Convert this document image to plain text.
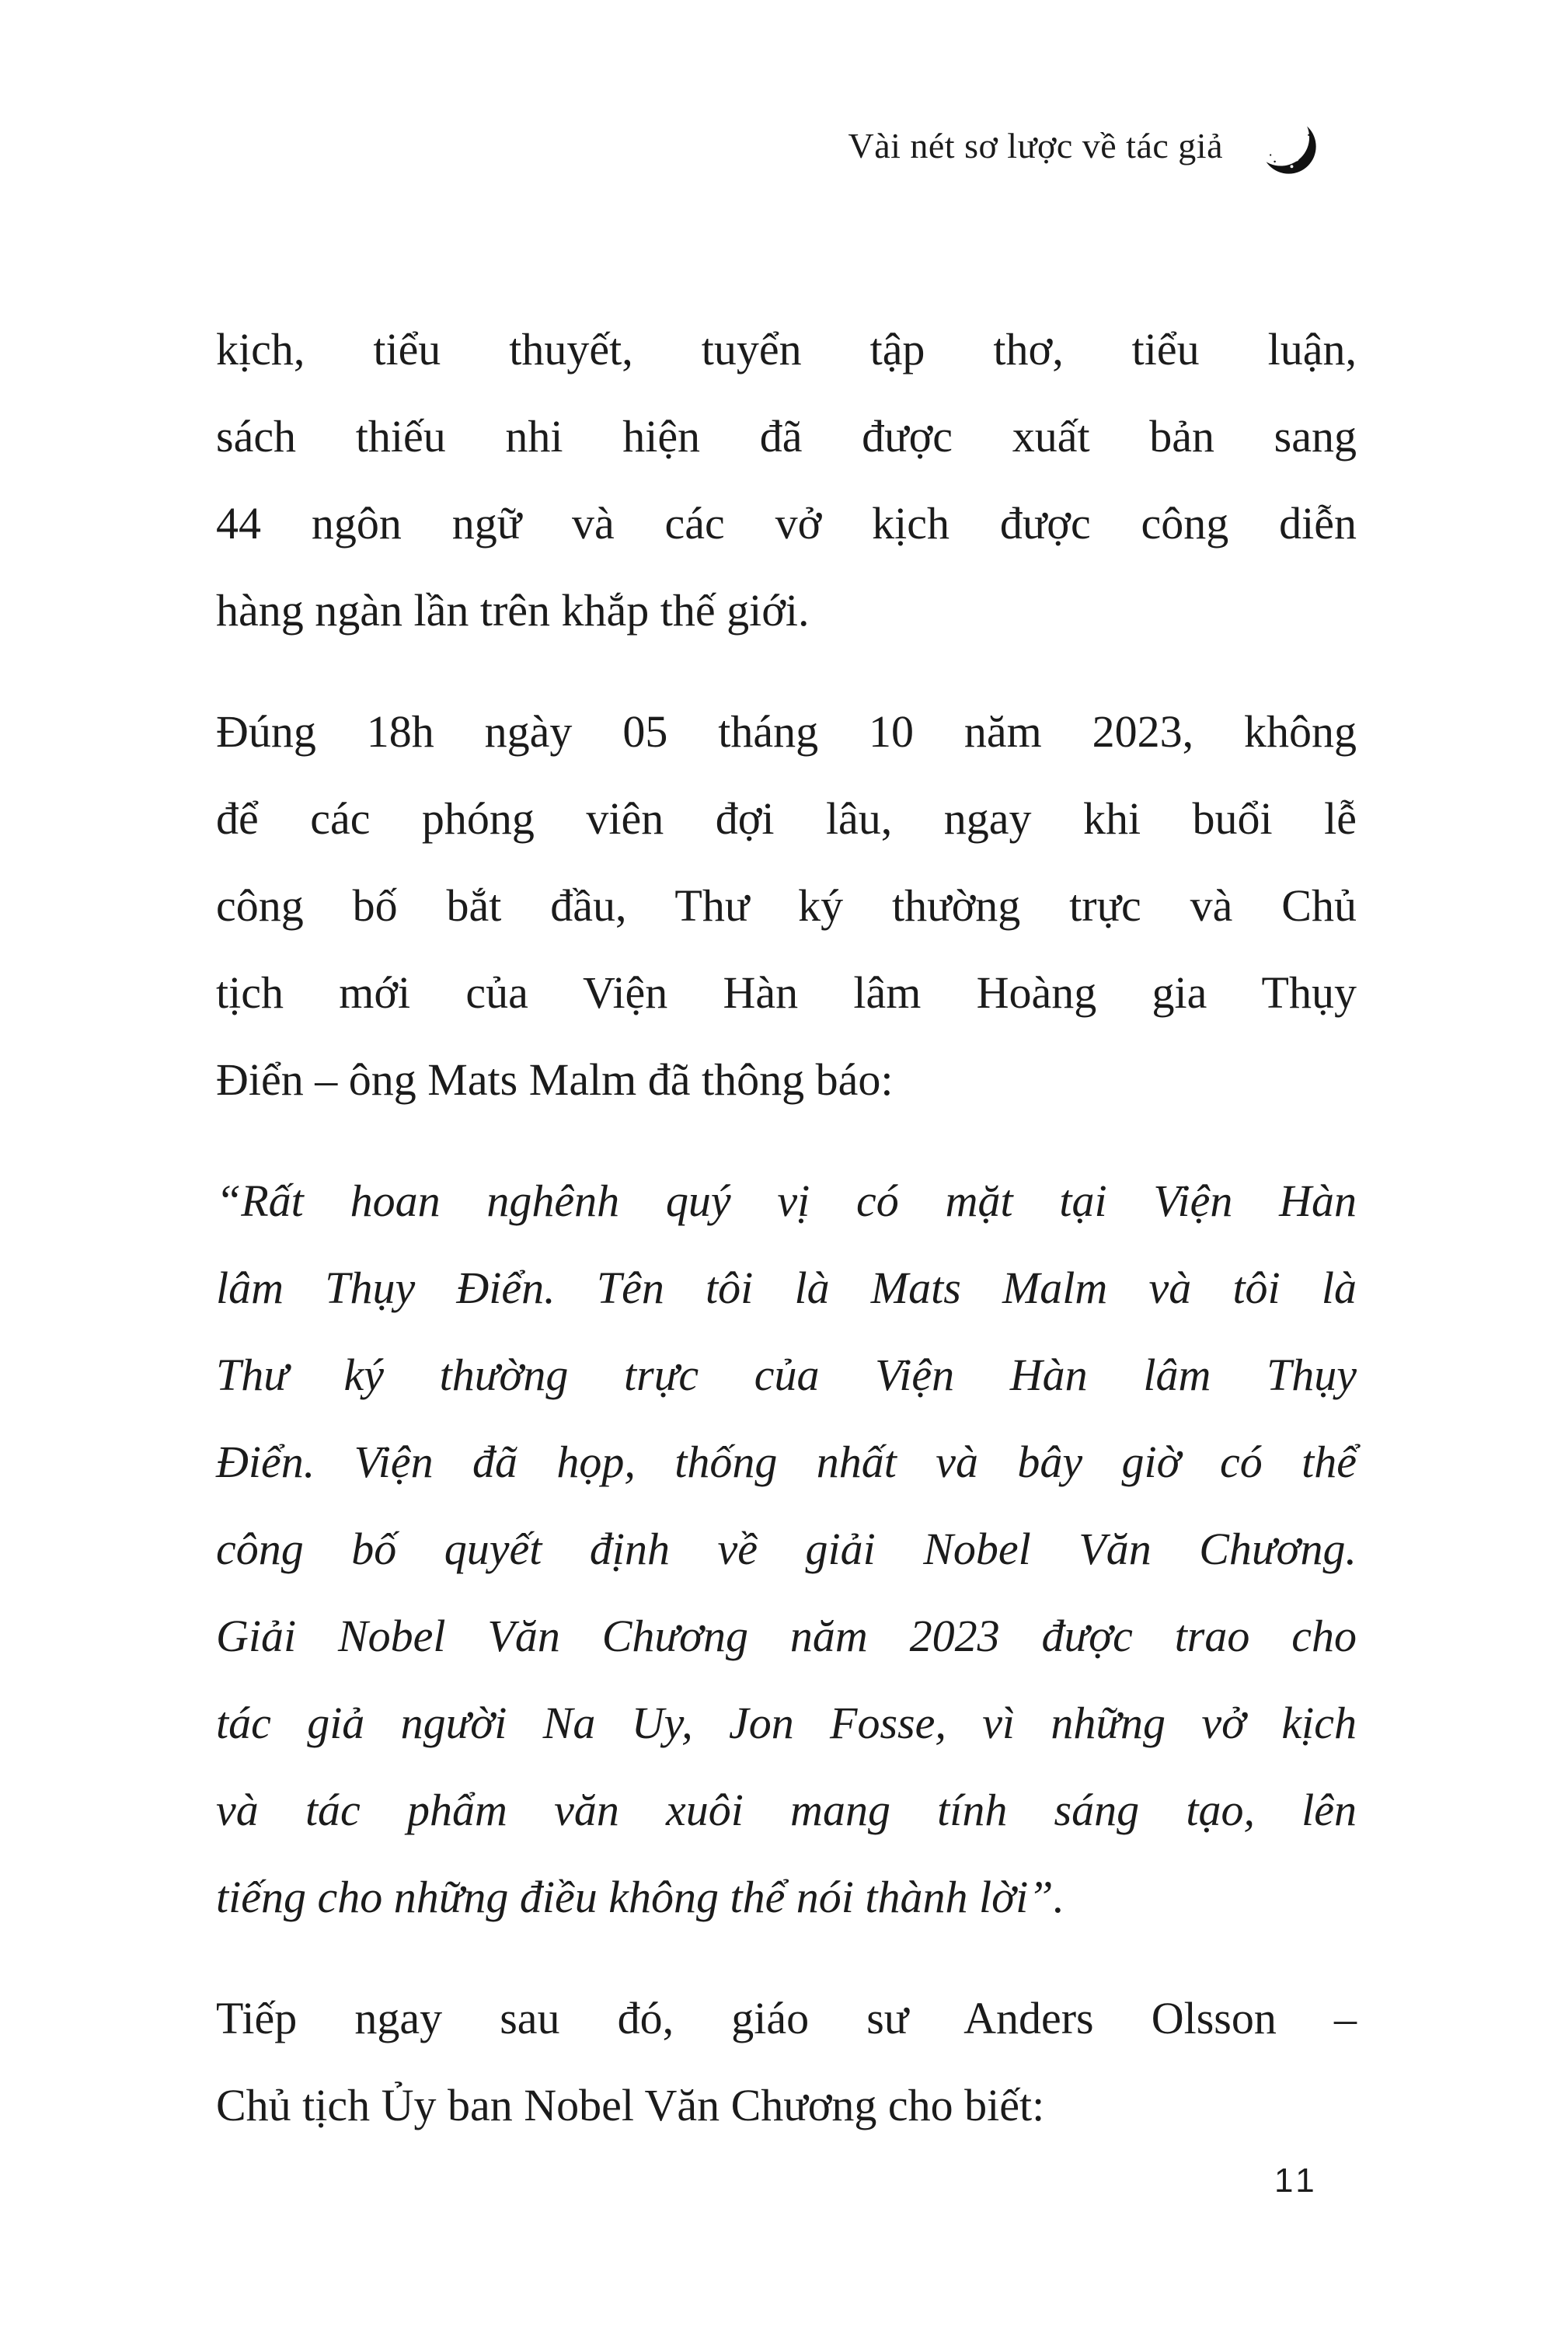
Vài nét sơ lược về tác giả
kịch, tiểu thuyết, tuyển tập thơ, tiểu luận,
sách thiếu nhi hiện đã được xuất bản sang
44 ngôn ngữ và các vở kịch được công diễn
hàng ngàn lần trên khắp thế giới.
Đúng 18h ngày 05 tháng 10 năm 2023, không
để các phóng viên đợi lâu, ngay khi buổi lễ
công bố bắt đầu, Thư ký thường trực và Chủ
tịch mới của Viện Hàn lâm Hoàng gia Thụy
Điển – ông Mats Malm đã thông báo:
“Rất hoan nghênh quý vị có mặt tại Viện Hàn
lâm Thụy Điển. Tên tôi là Mats Malm và tôi là
Thư ký thường trực của Viện Hàn lâm Thụy
Điển. Viện đã họp, thống nhất và bây giờ có thể
công bố quyết định về giải Nobel Văn Chương.
Giải Nobel Văn Chương năm 2023 được trao cho
tác giả người Na Uy, Jon Fosse, vì những vở kịch
và tác phẩm văn xuôi mang tính sáng tạo, lên
tiếng cho những điều không thể nói thành lời”.
Tiếp ngay sau đó, giáo sư Anders Olsson –
Chủ tịch Ủy ban Nobel Văn Chương cho biết:
11
